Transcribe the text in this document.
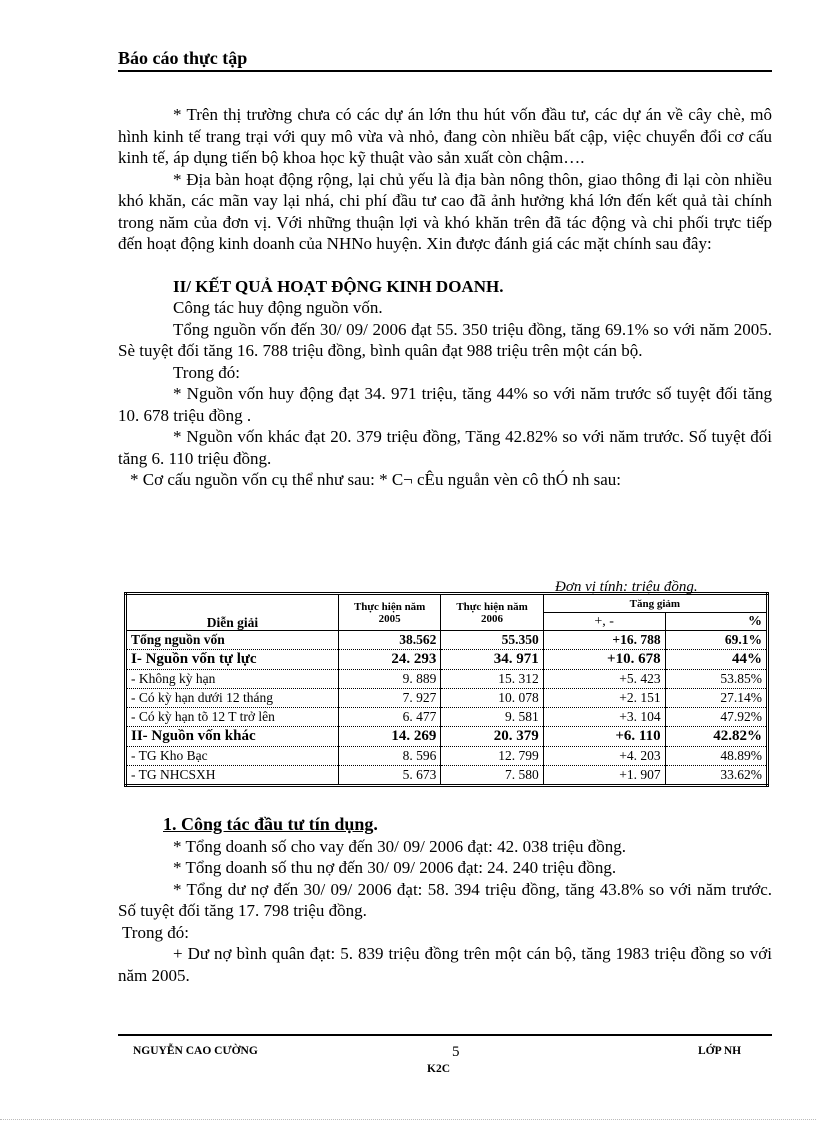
Báo cáo thực tập

* Trên thị trường chưa có các dự án lớn thu hút vốn đầu tư, các dự án về cây chè, mô hình kinh tế trang trại với quy mô vừa và nhỏ, đang còn nhiều bất cập, việc chuyển đổi cơ cấu kinh tế, áp dụng tiến bộ khoa học kỹ thuật vào sản xuất còn chậm….

* Địa bàn hoạt động rộng, lại chủ yếu là địa bàn nông thôn, giao thông đi lại còn nhiều khó khăn, các mãn vay lại nhá, chi phí đầu tư cao đã ảnh hưởng khá lớn đến kết quả tài chính trong năm của đơn vị. Với những thuận lợi và khó khăn trên đã tác động và chi phối trực tiếp đến hoạt động kinh doanh của NHNo huyện. Xin được đánh giá các mặt chính sau đây:

II/ KẾT QUẢ HOẠT ĐỘNG KINH DOANH.

Công tác huy động nguồn vốn.

Tổng nguồn vốn đến 30/ 09/ 2006 đạt 55. 350 triệu đồng, tăng 69.1% so với năm 2005. Sè tuyệt đối tăng 16. 788 triệu đồng, bình quân đạt 988 triệu trên một cán bộ.

Trong đó:

* Nguồn vốn huy động đạt 34. 971 triệu, tăng 44% so với năm trước số tuyệt đối tăng 10. 678 triệu đồng .

* Nguồn vốn khác đạt 20. 379 triệu đồng, Tăng 42.82% so với năm trước. Số tuyệt đối tăng 6. 110 triệu đồng.

* Cơ cấu nguồn vốn cụ thể như sau: * C¬ cÊu nguån vèn cô thÓ nh sau:

Đơn vị tính: triệu đồng.
Diễn giải	Thực hiện năm 2005	Thực hiện năm 2006	Tăng giảm	
			+, -	%
Tổng nguồn vốn	38.562	55.350	+16. 788	69.1%
I- Nguồn vốn tự lực	24. 293	34. 971	+10. 678	44%
- Không kỳ hạn	9. 889	15. 312	+5. 423	53.85%
- Có kỳ hạn dưới 12 tháng	7. 927	10. 078	+2. 151	27.14%
- Có kỳ hạn tõ 12 T trở lên	6. 477	9. 581	+3. 104	47.92%
II- Nguồn vốn khác	14. 269	20. 379	+6. 110	42.82%
- TG Kho Bạc	8. 596	12. 799	+4. 203	48.89%
- TG NHCSXH	5. 673	7. 580	+1. 907	33.62%

1. Công tác đầu tư tín dụng.

* Tổng doanh số cho vay đến 30/ 09/ 2006 đạt: 42. 038 triệu đồng.

* Tổng doanh số thu nợ đến 30/ 09/ 2006 đạt: 24. 240 triệu đồng.

* Tổng dư nợ đến 30/ 09/ 2006 đạt: 58. 394 triệu đồng, tăng 43.8% so với năm trước. Số tuyệt đối tăng 17. 798 triệu đồng.

Trong đó:

+ Dư nợ bình quân đạt: 5. 839 triệu đồng trên một cán bộ, tăng 1983 triệu đồng so với năm 2005.

NGUYỄN CAO CƯỜNG	5
K2C
LỚP NH
